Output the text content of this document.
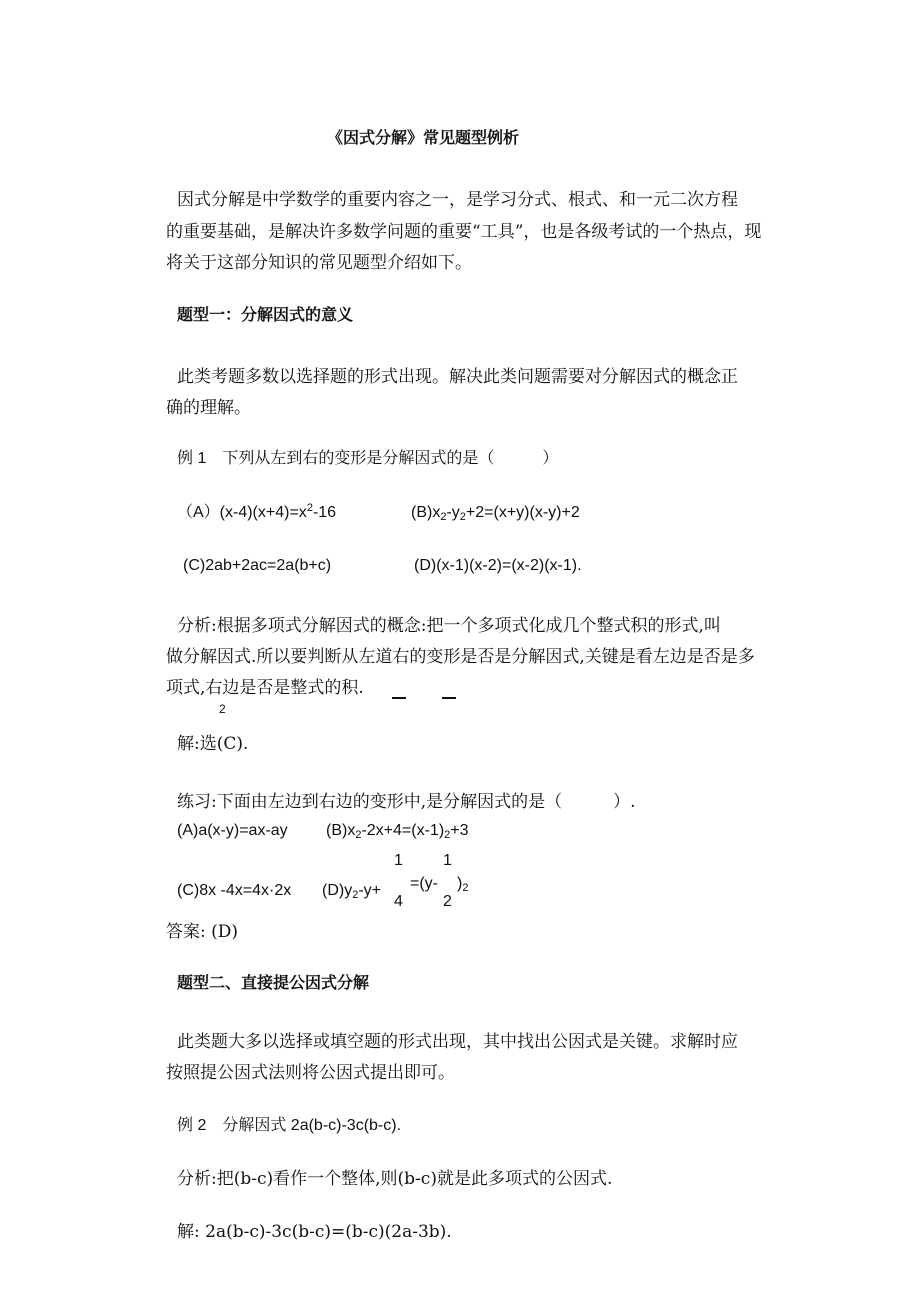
《因式分解》常见题型例析
因式分解是中学数学的重要内容之一，是学习分式、根式、和一元二次方程
的重要基础，是解决许多数学问题的重要“工具”，也是各级考试的一个热点，现
将关于这部分知识的常见题型介绍如下。
题型一：分解因式的意义
此类考题多数以选择题的形式出现。解决此类问题需要对分解因式的概念正
确的理解。
例 1　下列从左到右的变形是分解因式的是（　　　）
$(A)(x-4)(x+4)=x^2-16$	(B)x2-y2+2=(x+y)(x-y)+2
(C)2ab+2ac=2a(b+c)	(D)(x-1)(x-2)=(x-2)(x-1).
分析:根据多项式分解因式的概念:把一个多项式化成几个整式积的形式,叫
做分解因式.所以要判断从左道右的变形是否是分解因式,关键是看左边是否是多
项式,右边是否是整式的积.
2
解:选(C).
练习:下面由左边到右边的变形中,是分解因式的是（　　　）.
(A)a(x-y)=ax-ay (B)x2-2x+4=(x-1)2+3
1	1
(C)8x -4x=4x·2x (D)y2-y+ =(y- )2
4	2
答案: (D)
题型二、直接提公因式分解
此类题大多以选择或填空题的形式出现，其中找出公因式是关键。求解时应
按照提公因式法则将公因式提出即可。
例 2　分解因式 2a(b-c)-3c(b-c).
分析:把(b-c)看作一个整体,则(b-c)就是此多项式的公因式.
解: 2a(b-c)-3c(b-c)=(b-c)(2a-3b).
